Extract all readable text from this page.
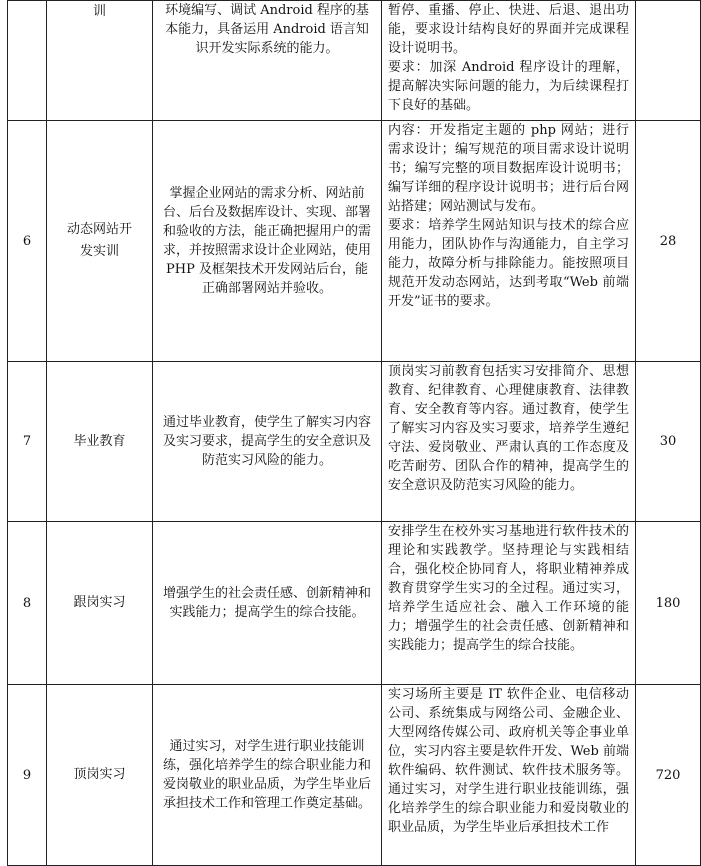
	训	环境编写、调试 Android 程序的基本能力，具备运用 Android 语言知识开发实际系统的能力。	暂停、重播、停止、快进、后退、退出功能，要求设计结构良好的界面并完成课程设计说明书。
要求：加深 Android 程序设计的理解，提高解决实际问题的能力，为后续课程打下良好的基础。	

6	动态网站开发实训	掌握企业网站的需求分析、网站前台、后台及数据库设计、实现、部署和验收的方法，能正确把握用户的需求，并按照需求设计企业网站，使用 PHP 及框架技术开发网站后台，能正确部署网站并验收。	内容：开发指定主题的 php 网站；进行需求设计；编写规范的项目需求设计说明书；编写完整的项目数据库设计说明书；编写详细的程序设计说明书；进行后台网站搭建；网站测试与发布。
要求：培养学生网站知识与技术的综合应用能力，团队协作与沟通能力，自主学习能力，故障分析与排除能力。能按照项目规范开发动态网站，达到考取“Web 前端开发”证书的要求。	28
7	毕业教育	通过毕业教育，使学生了解实习内容及实习要求，提高学生的安全意识及防范实习风险的能力。	顶岗实习前教育包括实习安排简介、思想教育、纪律教育、心理健康教育、法律教育、安全教育等内容。通过教育，使学生了解实习内容及实习要求，培养学生遵纪守法、爱岗敬业、严肃认真的工作态度及吃苦耐劳、团队合作的精神，提高学生的安全意识及防范实习风险的能力。	30
8	跟岗实习	增强学生的社会责任感、创新精神和实践能力；提高学生的综合技能。	安排学生在校外实习基地进行软件技术的理论和实践教学。坚持理论与实践相结合，强化校企协同育人，将职业精神养成教育贯穿学生实习的全过程。通过实习，培养学生适应社会、融入工作环境的能力；增强学生的社会责任感、创新精神和实践能力；提高学生的综合技能。	180
9	顶岗实习	通过实习，对学生进行职业技能训练，强化培养学生的综合职业能力和爱岗敬业的职业品质，为学生毕业后承担技术工作和管理工作奠定基础。	实习场所主要是 IT 软件企业、电信移动公司、系统集成与网络公司、金融企业、大型网络传媒公司、政府机关等企事业单位，实习内容主要是软件开发、Web 前端软件编码、软件测试、软件技术服务等。通过实习，对学生进行职业技能训练，强化培养学生的综合职业能力和爱岗敬业的职业品质，为学生毕业后承担技术工作	720
